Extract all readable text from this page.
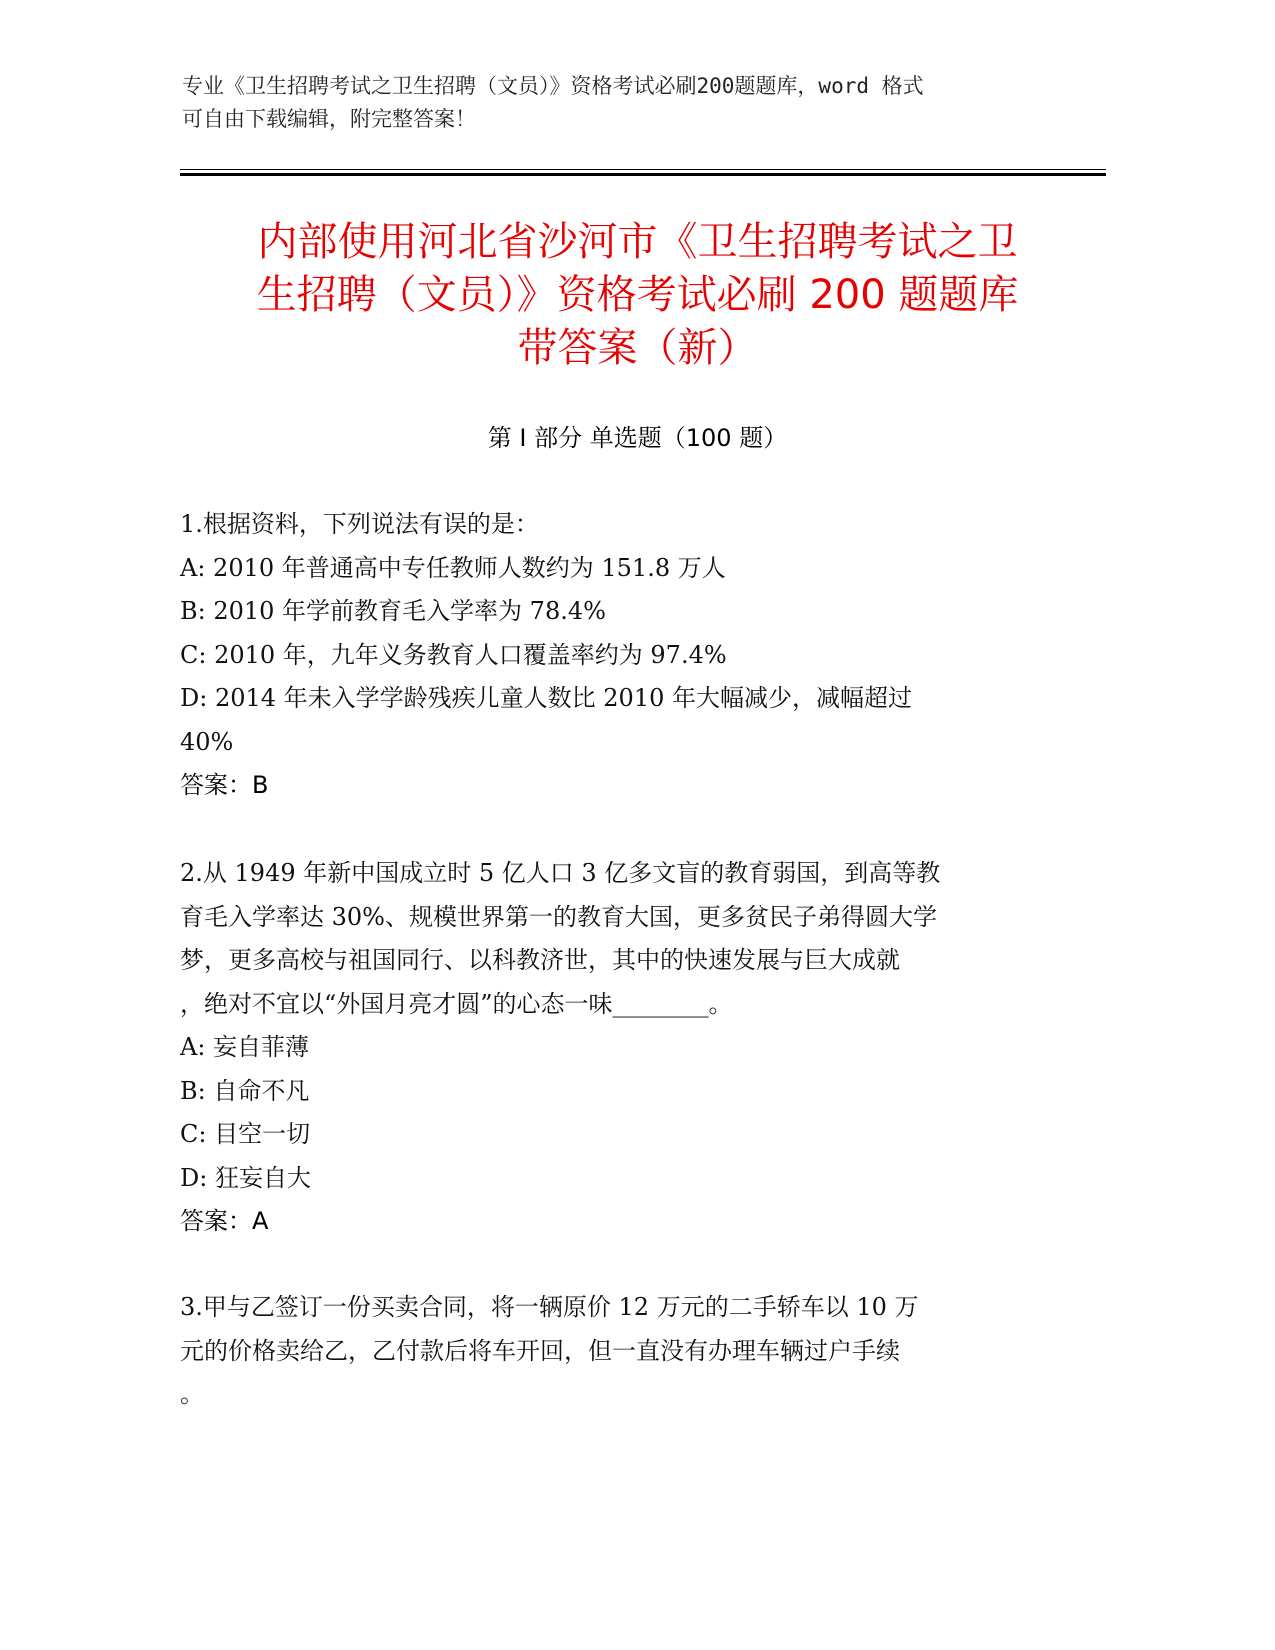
专业《卫生招聘考试之卫生招聘（文员）》资格考试必刷200题题库，word 格式
可自由下载编辑，附完整答案！
内部使用河北省沙河市《卫生招聘考试之卫
生招聘（文员）》资格考试必刷 200 题题库
带答案（新）
第 I 部分 单选题（100 题）
1.根据资料，下列说法有误的是：
A: 2010 年普通高中专任教师人数约为 151.8 万人
B: 2010 年学前教育毛入学率为 78.4%
C: 2010 年，九年义务教育人口覆盖率约为 97.4%
D: 2014 年未入学学龄残疾儿童人数比 2010 年大幅减少，减幅超过
40%
答案：B
2.从 1949 年新中国成立时 5 亿人口 3 亿多文盲的教育弱国，到高等教
育毛入学率达 30%、规模世界第一的教育大国，更多贫民子弟得圆大学
梦，更多高校与祖国同行、以科教济世，其中的快速发展与巨大成就
，绝对不宜以“外国月亮才圆”的心态一味________。
A: 妄自菲薄
B: 自命不凡
C: 目空一切
D: 狂妄自大
答案：A
3.甲与乙签订一份买卖合同，将一辆原价 12 万元的二手轿车以 10 万
元的价格卖给乙，乙付款后将车开回，但一直没有办理车辆过户手续
。
